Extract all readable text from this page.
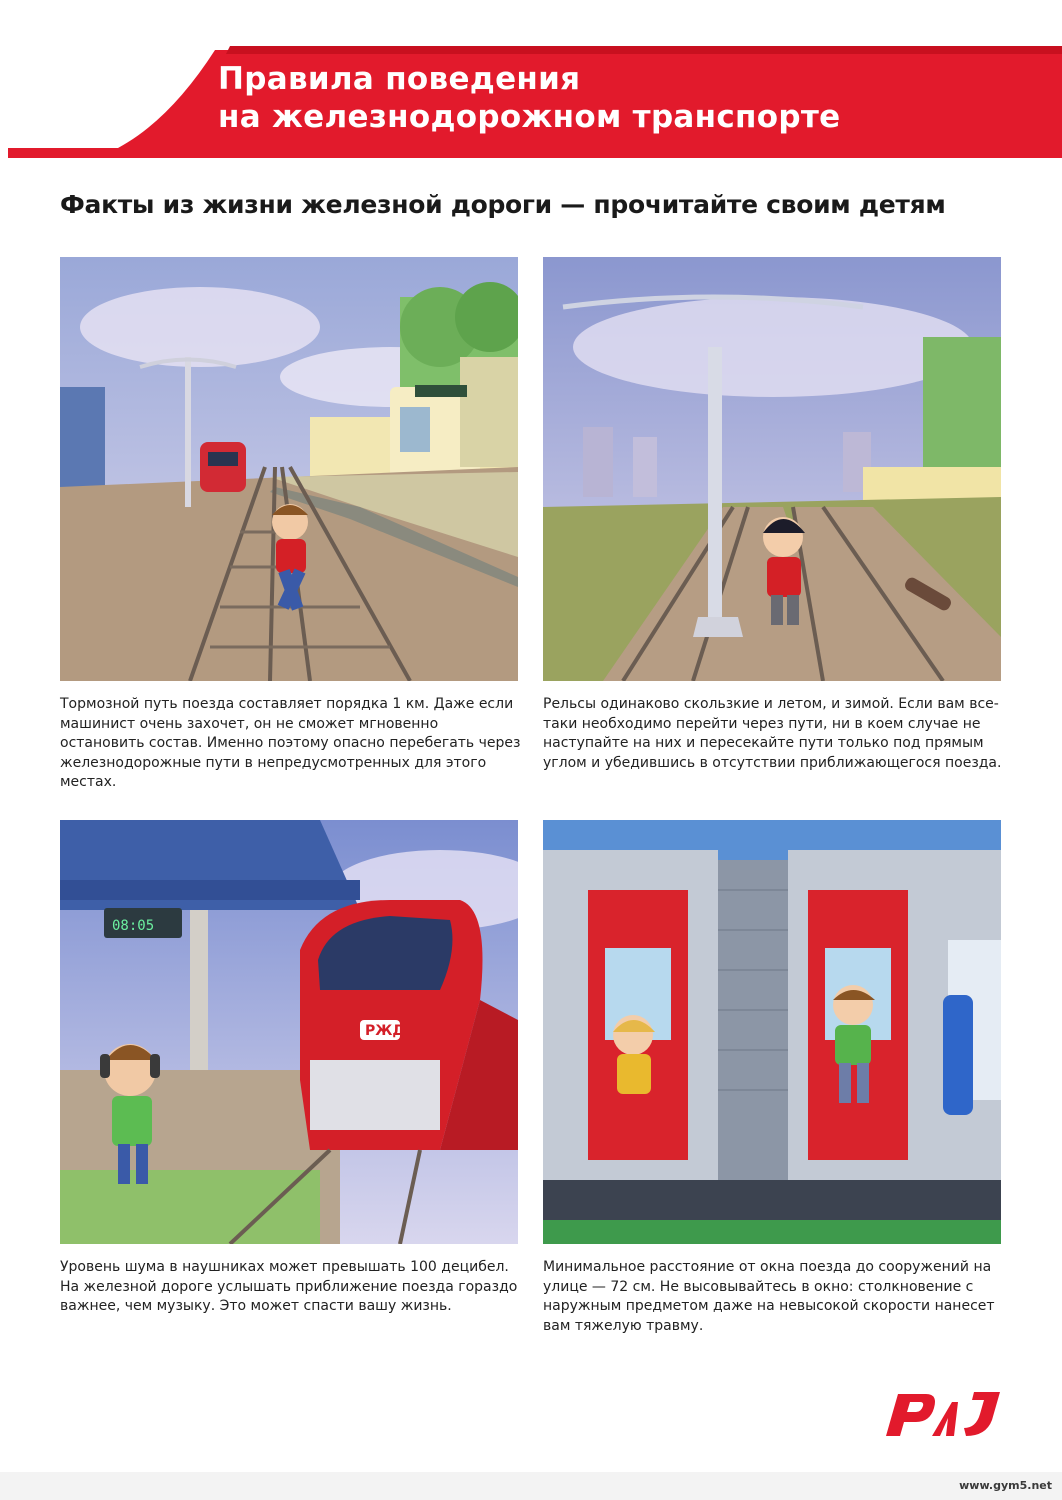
Правила поведения
на железнодорожном транспорте
Факты из жизни железной дороги — прочитайте своим детям

Тормозной путь поезда составляет порядка 1 км. Даже если машинист очень захочет, он не сможет мгновенно остановить состав. Именно поэтому опасно перебегать через железнодорожные пути в непредусмотренных для этого местах.

Рельсы одинаково скользкие и летом, и зимой. Если вам все-таки необходимо перейти через пути, ни в коем случае не наступайте на них и пересекайте пути только под прямым углом и убедившись в отсутствии приближающегося поезда.

08:05
РЖД

Уровень шума в наушниках может превышать 100 децибел. На железной дороге услышать приближение поезда гораздо важнее, чем музыку. Это может спасти вашу жизнь.

Минимальное расстояние от окна поезда до сооружений на улице — 72 см. Не высовывайтесь в окно: столкновение с наружным предметом даже на невысокой скорости нанесет вам тяжелую травму.

www.gym5.net
